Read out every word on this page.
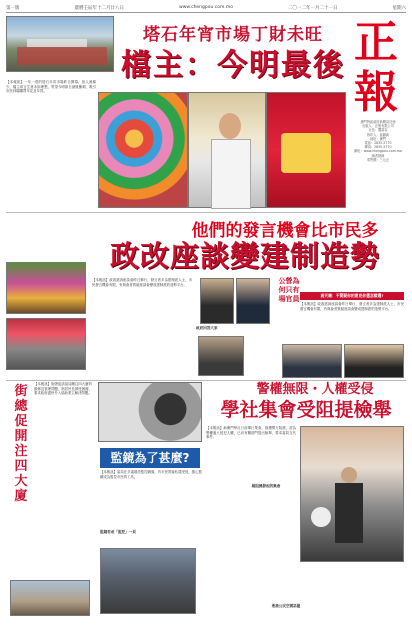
第一版	農曆壬辰年十二月廿八日	www.chengpou.com.mo	二〇一二年一月二十一日	星期六
塔石年宵市場丁財未旺
檔主：今明最後 正
報
澳門特區政府新聞局註冊
出版人：正報有限公司
社長：鷹慕容
督印人：區錦新
地址：澳門
電話：2835-5770
傳真：2835-5770
網址：www.chengpou.com.mo
讀者熱線
零售價：三元正
【本報訊】一年一度的塔石年宵市場昨日開幕，但人流稀少，檔主坦言生意未如理想，寄望今明兩日最後衝刺，吸引市民到場購買年花及年貨。
他們的發言機會比市民多
政改座談變建制造勢
【本報訊】政改諮詢座談會昨日舉行，發言者多為建制派人士，市民發言機會有限，有與會者質疑座談會變成建制派的造勢平台。	公營為
何只有
場官員	高天賜：不質疑你的意見你還怎樣選?
【本報訊】政改諮詢座談會昨日舉行，發言者多為建制派人士，市民發言機會有限，有與會者質疑座談會變成建制派的造勢平台。
政府回答大家
街
總
促
開
注
四
大
廈
【本報訊】街總促請當局關注四大廈的維修及管理問題，指居民長期受困擾，要求政府盡快介入協助業主解決問題。
監鏡為了甚麼?
【本報訊】當局在多處增設監控鏡頭，有市民質疑私隱受侵，擔心監鏡成為監控市民的工具。
監鏡若成「監控」一頁
警權無限・人權受侵
學社集會受阻提檢舉
【本報訊】新澳門學社日前舉行集會，指遭警方阻撓，認為警權過大侵犯人權，已向有關部門提出檢舉，要求當局交代事件。
疑阻撓發起的集會
要港公民空間話罷
